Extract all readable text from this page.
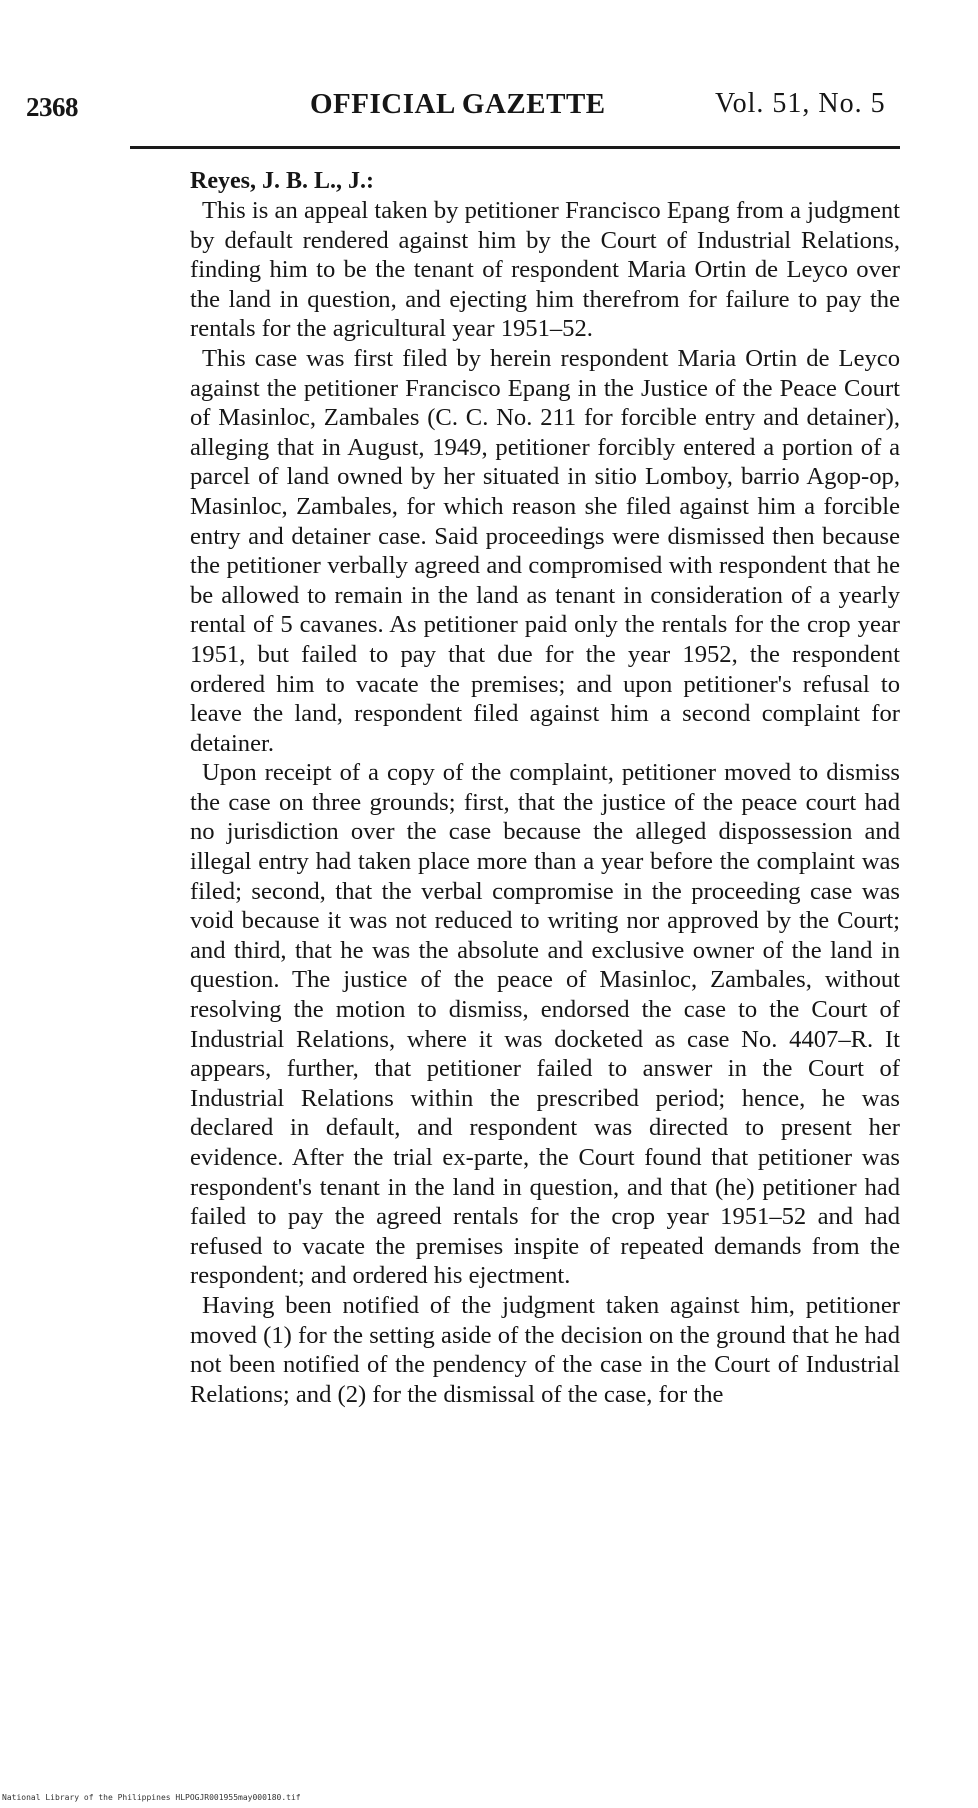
2368	OFFICIAL GAZETTE	Vol. 51, No. 5
Reyes, J. B. L., J.:

This is an appeal taken by petitioner Francisco Epang from a judgment by default rendered against him by the Court of Industrial Relations, finding him to be the tenant of respondent Maria Ortin de Leyco over the land in question, and ejecting him therefrom for failure to pay the rentals for the agricultural year 1951–52.

This case was first filed by herein respondent Maria Ortin de Leyco against the petitioner Francisco Epang in the Justice of the Peace Court of Masinloc, Zambales (C. C. No. 211 for forcible entry and detainer), alleging that in August, 1949, petitioner forcibly entered a portion of a parcel of land owned by her situated in sitio Lomboy, barrio Agop-op, Masinloc, Zambales, for which reason she filed against him a forcible entry and detainer case. Said proceedings were dismissed then because the petitioner verbally agreed and compromised with respondent that he be allowed to remain in the land as tenant in consideration of a yearly rental of 5 cavanes. As petitioner paid only the rentals for the crop year 1951, but failed to pay that due for the year 1952, the respondent ordered him to vacate the premises; and upon petitioner's refusal to leave the land, respondent filed against him a second complaint for detainer.

Upon receipt of a copy of the complaint, petitioner moved to dismiss the case on three grounds; first, that the justice of the peace court had no jurisdiction over the case because the alleged dispossession and illegal entry had taken place more than a year before the complaint was filed; second, that the verbal compromise in the proceeding case was void because it was not reduced to writing nor approved by the Court; and third, that he was the absolute and exclusive owner of the land in question. The justice of the peace of Masinloc, Zambales, without resolving the motion to dismiss, endorsed the case to the Court of Industrial Relations, where it was docketed as case No. 4407–R. It appears, further, that petitioner failed to answer in the Court of Industrial Relations within the prescribed period; hence, he was declared in default, and respondent was directed to present her evidence. After the trial ex-parte, the Court found that petitioner was respondent's tenant in the land in question, and that (he) petitioner had failed to pay the agreed rentals for the crop year 1951–52 and had refused to vacate the premises inspite of repeated demands from the respondent; and ordered his ejectment.

Having been notified of the judgment taken against him, petitioner moved (1) for the setting aside of the decision on the ground that he had not been notified of the pendency of the case in the Court of Industrial Relations; and (2) for the dismissal of the case, for the

National Library of the Philippines HLPOGJR001955may000180.tif
